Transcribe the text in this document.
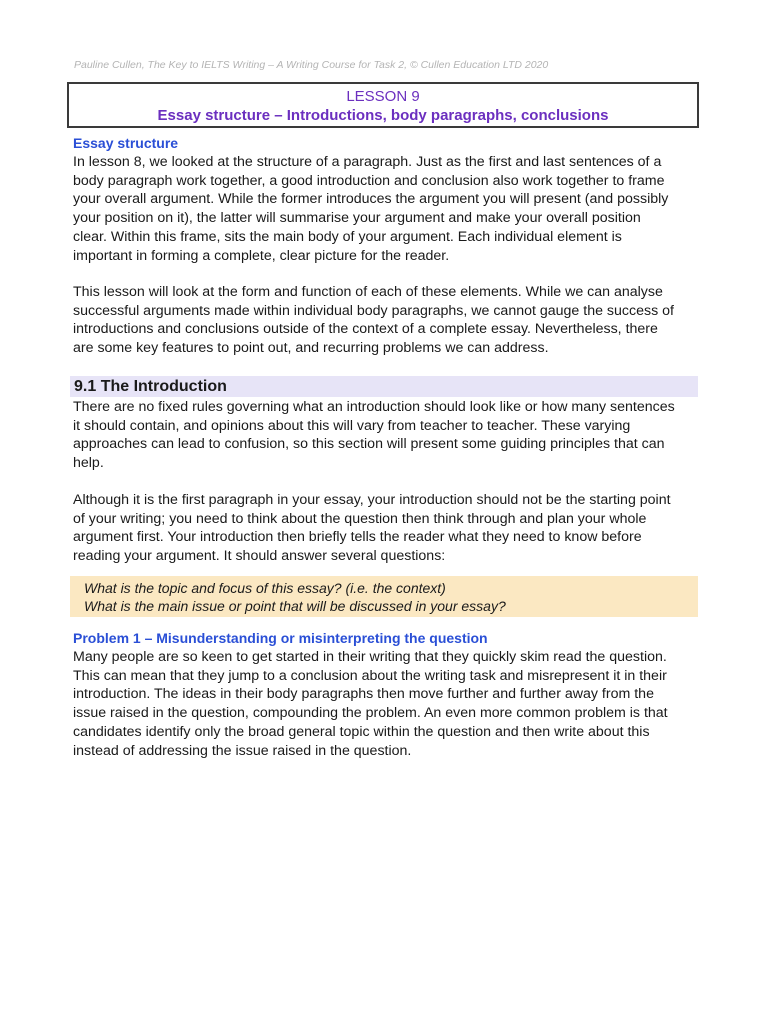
Pauline Cullen, The Key to IELTS Writing – A Writing Course for Task 2, © Cullen Education LTD 2020
LESSON 9
Essay structure – Introductions, body paragraphs, conclusions
Essay structure
In lesson 8, we looked at the structure of a paragraph. Just as the first and last sentences of a
body paragraph work together, a good introduction and conclusion also work together to frame
your overall argument. While the former introduces the argument you will present (and possibly
your position on it), the latter will summarise your argument and make your overall position
clear. Within this frame, sits the main body of your argument. Each individual element is
important in forming a complete, clear picture for the reader.
This lesson will look at the form and function of each of these elements. While we can analyse
successful arguments made within individual body paragraphs, we cannot gauge the success of
introductions and conclusions outside of the context of a complete essay. Nevertheless, there
are some key features to point out, and recurring problems we can address.
9.1 The Introduction
There are no fixed rules governing what an introduction should look like or how many sentences
it should contain, and opinions about this will vary from teacher to teacher. These varying
approaches can lead to confusion, so this section will present some guiding principles that can
help.
Although it is the first paragraph in your essay, your introduction should not be the starting point
of your writing; you need to think about the question then think through and plan your whole
argument first. Your introduction then briefly tells the reader what they need to know before
reading your argument. It should answer several questions:
What is the topic and focus of this essay? (i.e. the context)
What is the main issue or point that will be discussed in your essay?
Problem 1 – Misunderstanding or misinterpreting the question
Many people are so keen to get started in their writing that they quickly skim read the question.
This can mean that they jump to a conclusion about the writing task and misrepresent it in their
introduction. The ideas in their body paragraphs then move further and further away from the
issue raised in the question, compounding the problem. An even more common problem is that
candidates identify only the broad general topic within the question and then write about this
instead of addressing the issue raised in the question.
